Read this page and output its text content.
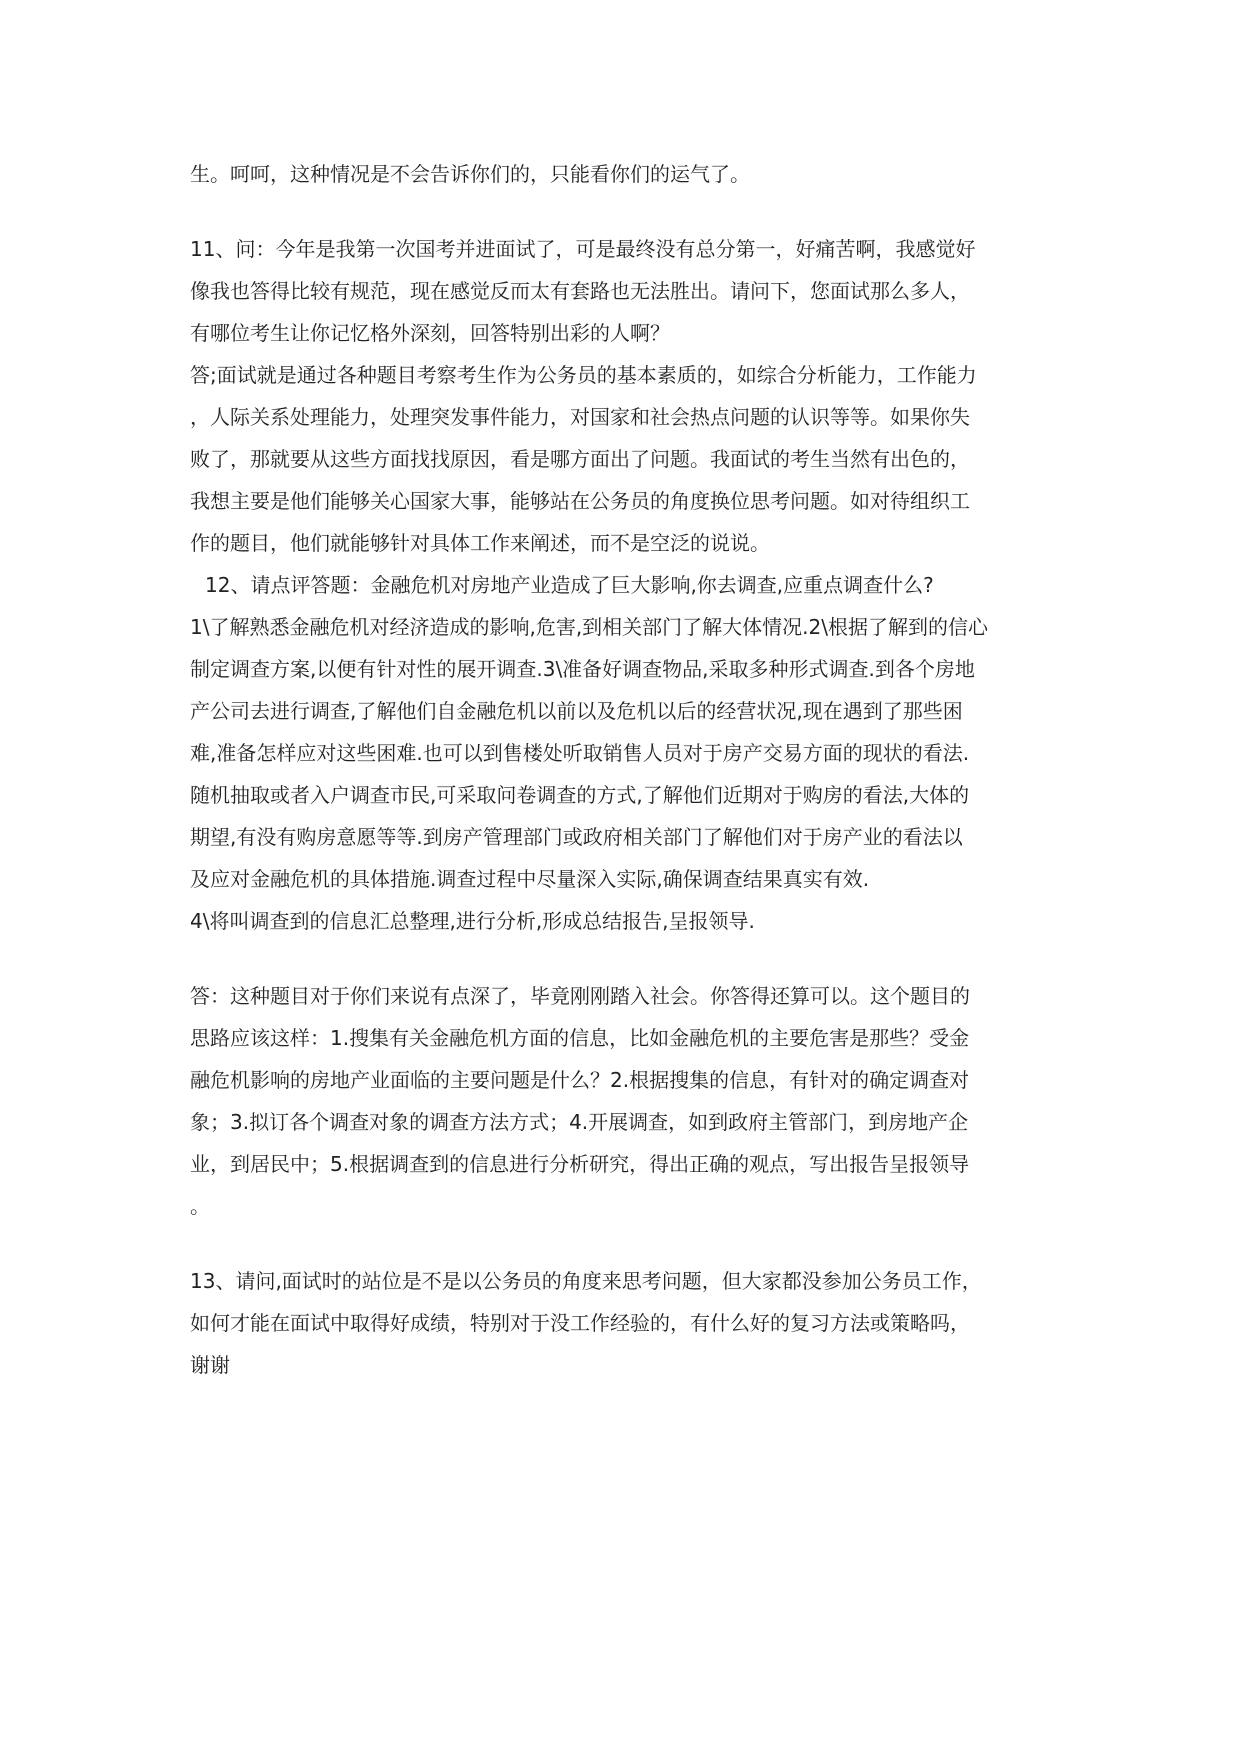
生。呵呵，这种情况是不会告诉你们的，只能看你们的运气了。
11、问：今年是我第一次国考并进面试了，可是最终没有总分第一，好痛苦啊，我感觉好
像我也答得比较有规范，现在感觉反而太有套路也无法胜出。请问下，您面试那么多人，
有哪位考生让你记忆格外深刻，回答特别出彩的人啊？
答;面试就是通过各种题目考察考生作为公务员的基本素质的，如综合分析能力，工作能力
，人际关系处理能力，处理突发事件能力，对国家和社会热点问题的认识等等。如果你失
败了，那就要从这些方面找找原因，看是哪方面出了问题。我面试的考生当然有出色的，
我想主要是他们能够关心国家大事，能够站在公务员的角度换位思考问题。如对待组织工
作的题目，他们就能够针对具体工作来阐述，而不是空泛的说说。
12、请点评答题：金融危机对房地产业造成了巨大影响,你去调查,应重点调查什么?
1\了解熟悉金融危机对经济造成的影响,危害,到相关部门了解大体情况.2\根据了解到的信心
制定调查方案,以便有针对性的展开调查.3\准备好调查物品,采取多种形式调查.到各个房地
产公司去进行调查,了解他们自金融危机以前以及危机以后的经营状况,现在遇到了那些困
难,准备怎样应对这些困难.也可以到售楼处听取销售人员对于房产交易方面的现状的看法.
随机抽取或者入户调查市民,可采取问卷调查的方式,了解他们近期对于购房的看法,大体的
期望,有没有购房意愿等等.到房产管理部门或政府相关部门了解他们对于房产业的看法以
及应对金融危机的具体措施.调查过程中尽量深入实际,确保调查结果真实有效.
4\将叫调查到的信息汇总整理,进行分析,形成总结报告,呈报领导.
答：这种题目对于你们来说有点深了，毕竟刚刚踏入社会。你答得还算可以。这个题目的
思路应该这样：1.搜集有关金融危机方面的信息，比如金融危机的主要危害是那些？受金
融危机影响的房地产业面临的主要问题是什么？2.根据搜集的信息，有针对的确定调查对
象；3.拟订各个调查对象的调查方法方式；4.开展调查，如到政府主管部门，到房地产企
业，到居民中；5.根据调查到的信息进行分析研究，得出正确的观点，写出报告呈报领导
。
13、请问,面试时的站位是不是以公务员的角度来思考问题，但大家都没参加公务员工作，
如何才能在面试中取得好成绩，特别对于没工作经验的，有什么好的复习方法或策略吗，
谢谢
